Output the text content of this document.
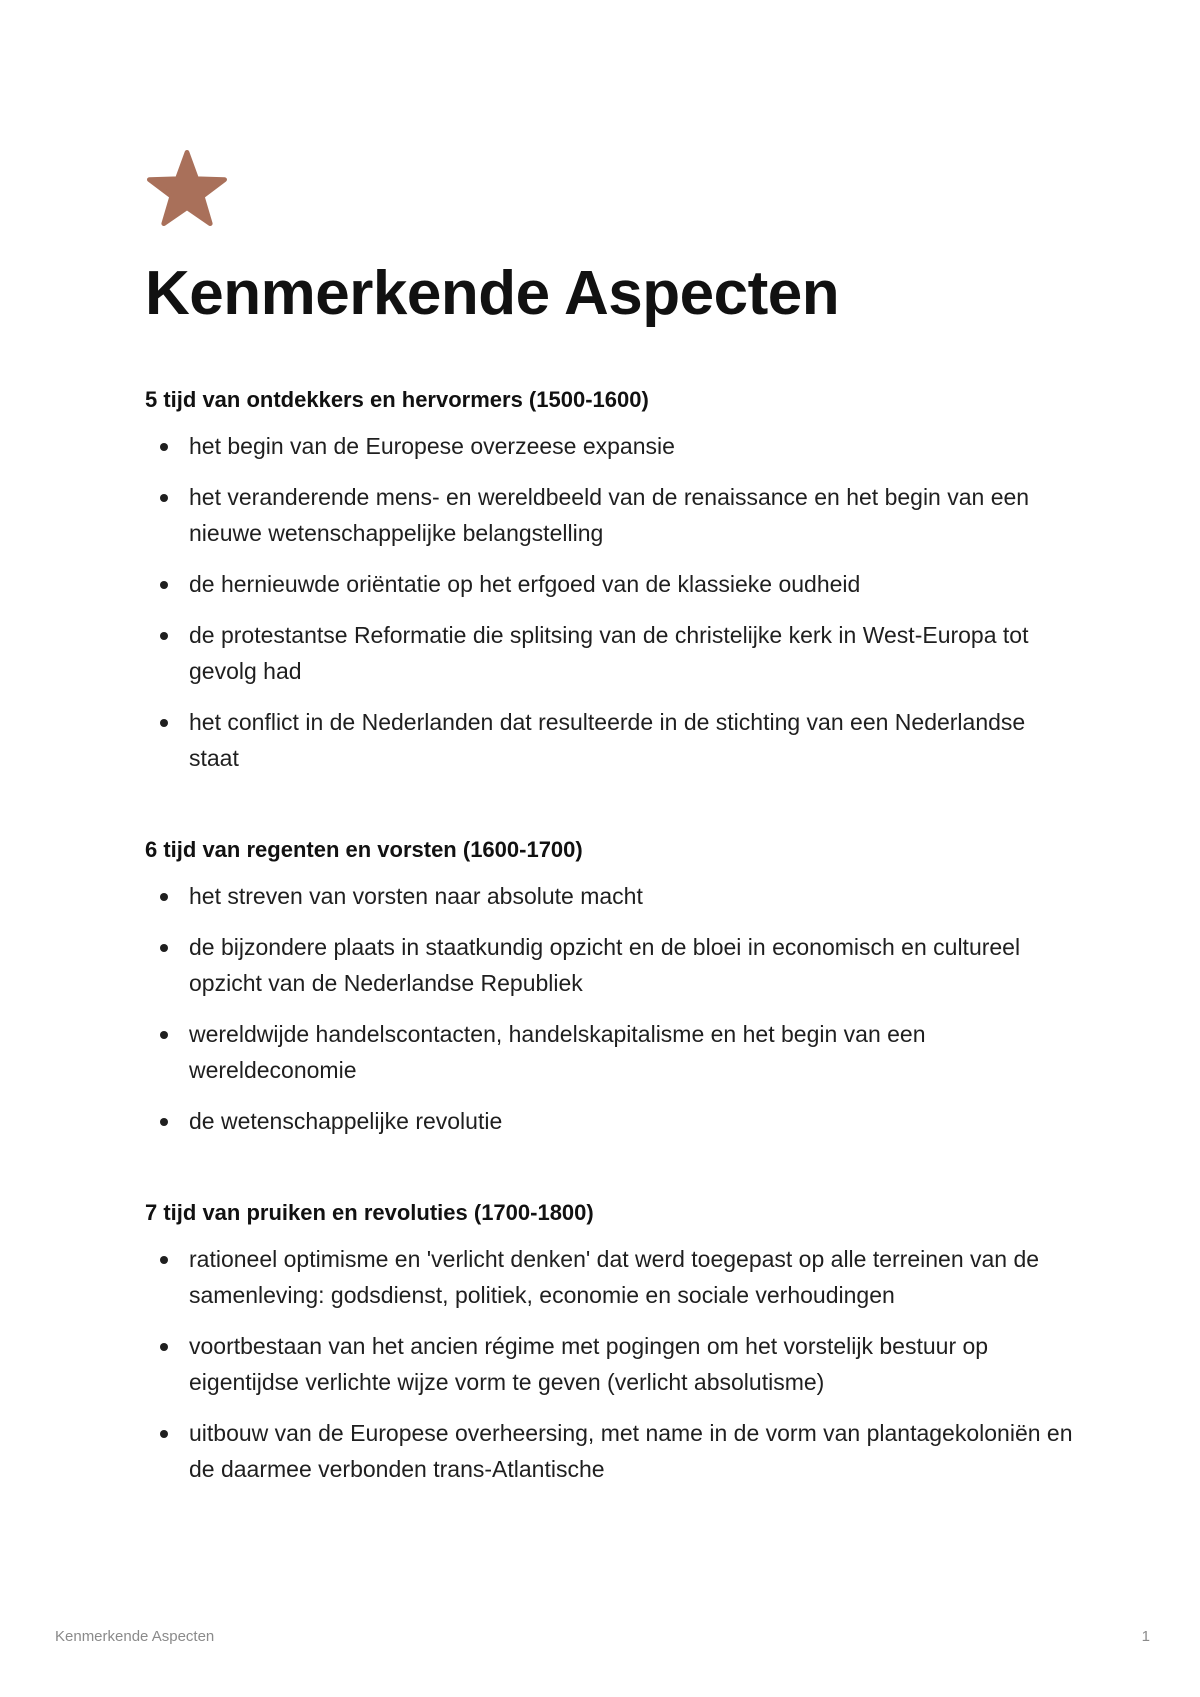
Kenmerkende Aspecten
5 tijd van ontdekkers en hervormers (1500-1600)
het begin van de Europese overzeese expansie
het veranderende mens- en wereldbeeld van de renaissance en het begin van een nieuwe wetenschappelijke belangstelling
de hernieuwde oriëntatie op het erfgoed van de klassieke oudheid
de protestantse Reformatie die splitsing van de christelijke kerk in West-Europa tot gevolg had
het conflict in de Nederlanden dat resulteerde in de stichting van een Nederlandse staat
6 tijd van regenten en vorsten (1600-1700)
het streven van vorsten naar absolute macht
de bijzondere plaats in staatkundig opzicht en de bloei in economisch en cultureel opzicht van de Nederlandse Republiek
wereldwijde handelscontacten, handelskapitalisme en het begin van een wereldeconomie
de wetenschappelijke revolutie
7 tijd van pruiken en revoluties (1700-1800)
rationeel optimisme en 'verlicht denken' dat werd toegepast op alle terreinen van de samenleving: godsdienst, politiek, economie en sociale verhoudingen
voortbestaan van het ancien régime met pogingen om het vorstelijk bestuur op eigentijdse verlichte wijze vorm te geven (verlicht absolutisme)
uitbouw van de Europese overheersing, met name in de vorm van plantagekoloniën en de daarmee verbonden trans-Atlantische
Kenmerkende Aspecten	1
